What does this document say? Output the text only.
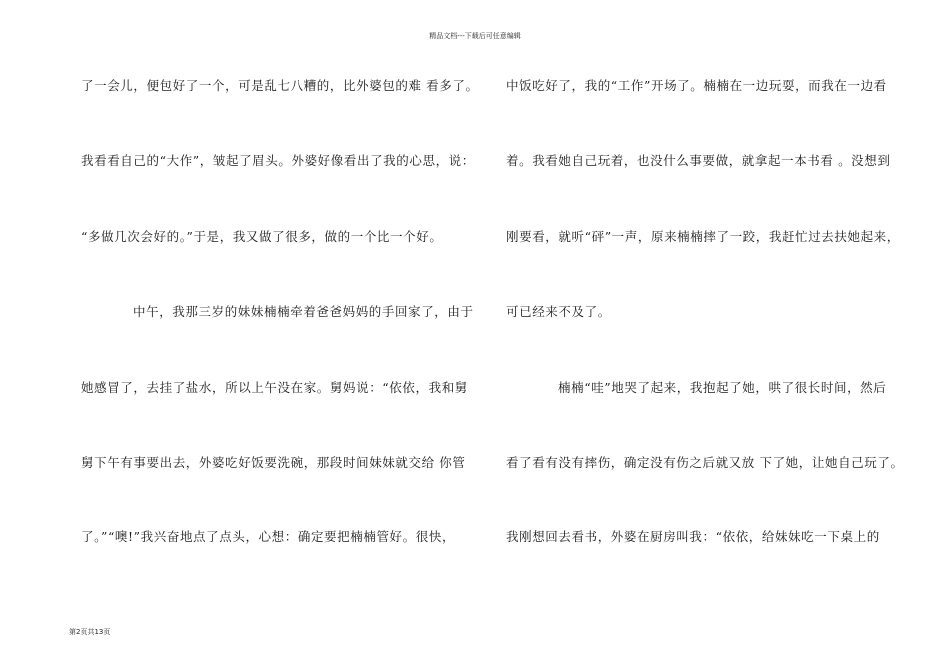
精品文档---下载后可任意编辑
了一会儿，便包好了一个，可是乱七八糟的，比外婆包的难 看多了。
我看看自己的“大作”，皱起了眉头。外婆好像看出了我的心思，说：
“多做几次会好的。”于是，我又做了很多，做的一个比一个好。
中午，我那三岁的妹妹楠楠牵着爸爸妈妈的手回家了，由于
她感冒了，去挂了盐水，所以上午没在家。舅妈说：“依依，我和舅
舅下午有事要出去，外婆吃好饭要洗碗，那段时间妹妹就交给 你管
了。”“噢!”我兴奋地点了点头，心想：确定要把楠楠管好。很快，
中饭吃好了，我的“工作”开场了。楠楠在一边玩耍，而我在一边看
着。我看她自己玩着，也没什么事要做，就拿起一本书看 。没想到
刚要看，就听“砰”一声，原来楠楠摔了一跤，我赶忙过去扶她起来，
可已经来不及了。
楠楠“哇”地哭了起来，我抱起了她，哄了很长时间，然后
看了看有没有摔伤，确定没有伤之后就又放 下了她，让她自己玩了。
我刚想回去看书，外婆在厨房叫我：“依依，给妹妹吃一下桌上的
第2页共13页
